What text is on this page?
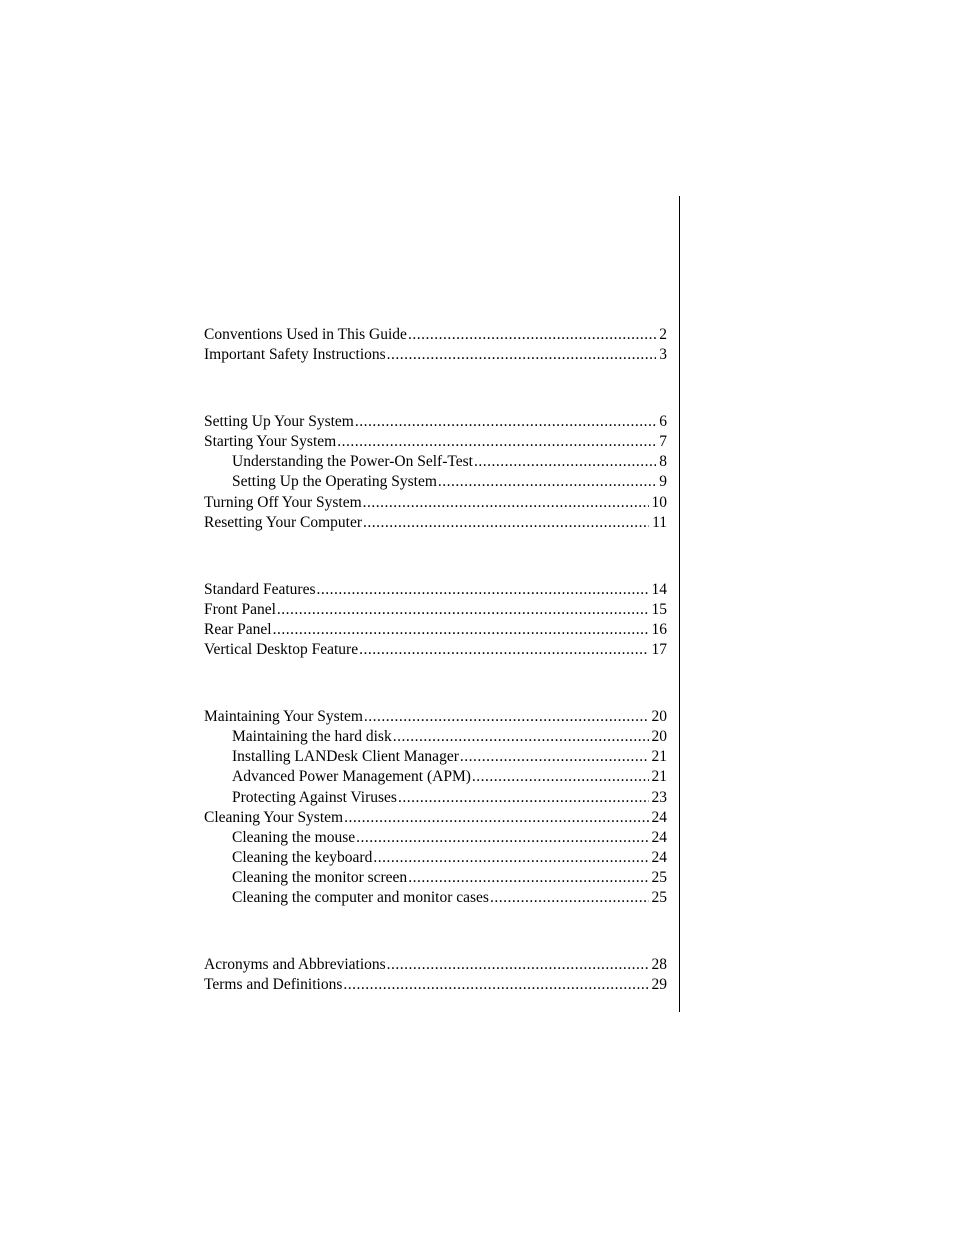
Conventions Used in This Guide .....	2
Important Safety Instructions .....	3
Setting Up Your System .....	6
Starting Your System .....	7
Understanding the Power-On Self-Test .....	8
Setting Up the Operating System .....	9
Turning Off Your System .....	10
Resetting Your Computer .....	11
Standard Features .....	14
Front Panel .....	15
Rear Panel .....	16
Vertical Desktop Feature .....	17
Maintaining Your System .....	20
Maintaining the hard disk .....	20
Installing LANDesk Client Manager .....	21
Advanced Power Management (APM) .....	21
Protecting Against Viruses .....	23
Cleaning Your System .....	24
Cleaning the mouse .....	24
Cleaning the keyboard .....	24
Cleaning the monitor screen .....	25
Cleaning the computer and monitor cases .....	25
Acronyms and Abbreviations .....	28
Terms and Definitions .....	29
